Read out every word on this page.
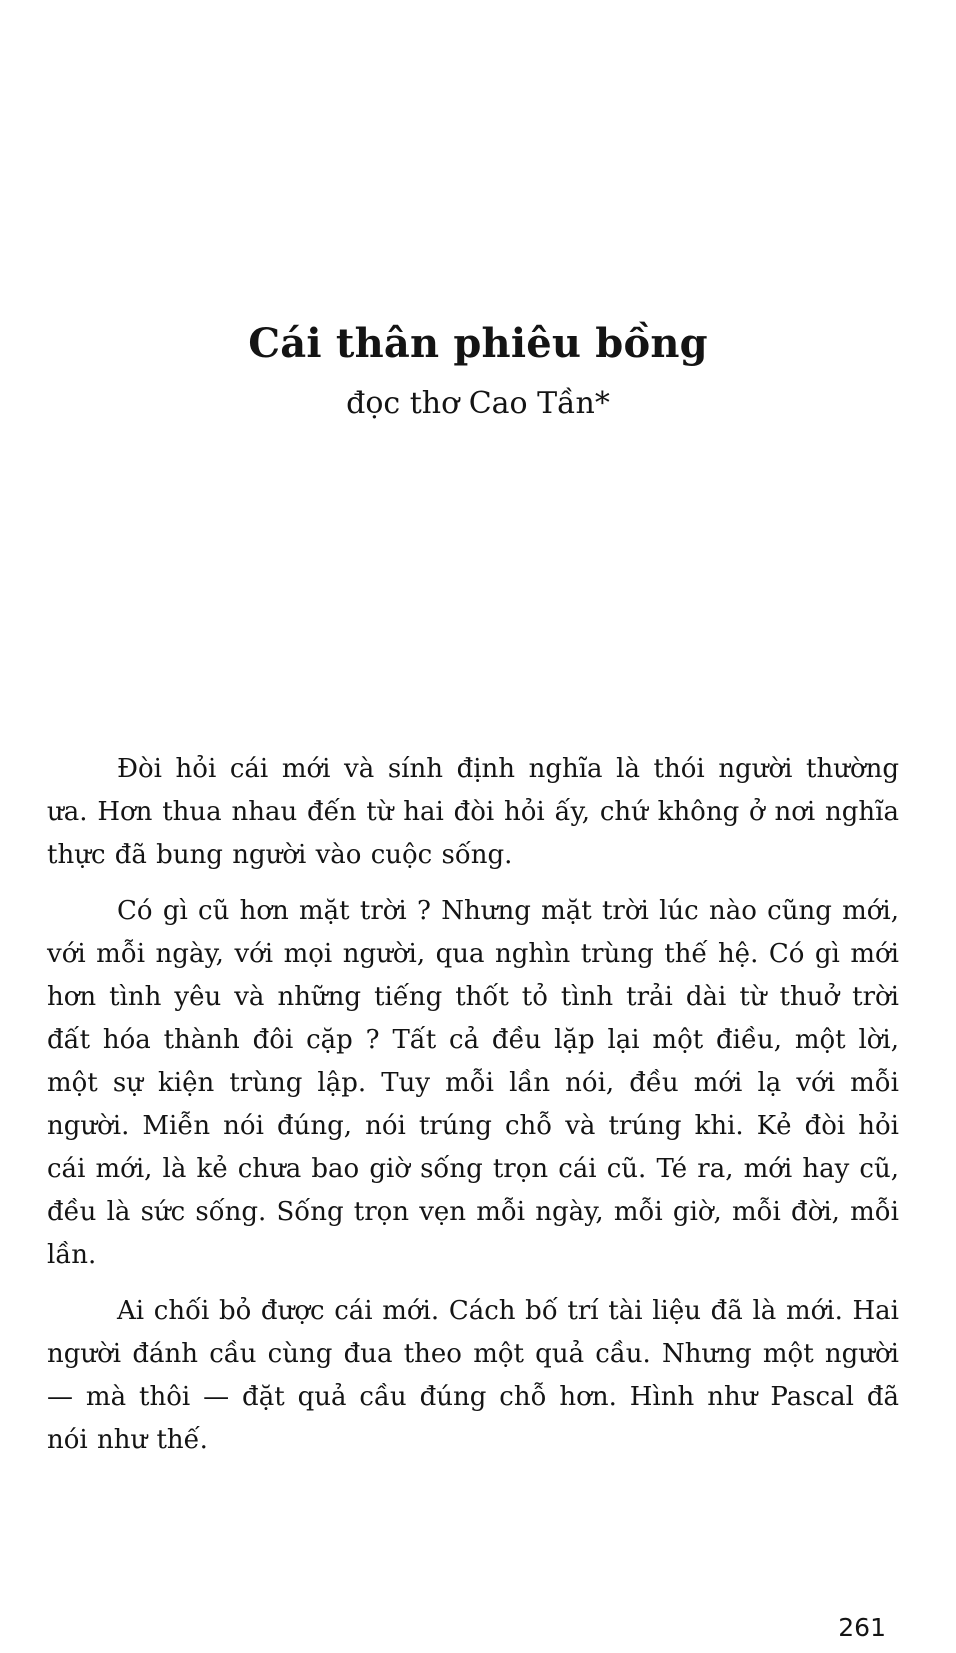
Cái thân phiêu bồng
đọc thơ Cao Tần*

Đòi hỏi cái mới và sính định nghĩa là thói người thường ưa. Hơn thua nhau đến từ hai đòi hỏi ấy, chứ không ở nơi nghĩa thực đã bung người vào cuộc sống.

Có gì cũ hơn mặt trời ? Nhưng mặt trời lúc nào cũng mới, với mỗi ngày, với mọi người, qua nghìn trùng thế hệ. Có gì mới hơn tình yêu và những tiếng thốt tỏ tình trải dài từ thuở trời đất hóa thành đôi cặp ? Tất cả đều lặp lại một điều, một lời, một sự kiện trùng lập. Tuy mỗi lần nói, đều mới lạ với mỗi người. Miễn nói đúng, nói trúng chỗ và trúng khi. Kẻ đòi hỏi cái mới, là kẻ chưa bao giờ sống trọn cái cũ. Té ra, mới hay cũ, đều là sức sống. Sống trọn vẹn mỗi ngày, mỗi giờ, mỗi đời, mỗi lần.

Ai chối bỏ được cái mới. Cách bố trí tài liệu đã là mới. Hai người đánh cầu cùng đua theo một quả cầu. Nhưng một người — mà thôi — đặt quả cầu đúng chỗ hơn. Hình như Pascal đã nói như thế.

261
